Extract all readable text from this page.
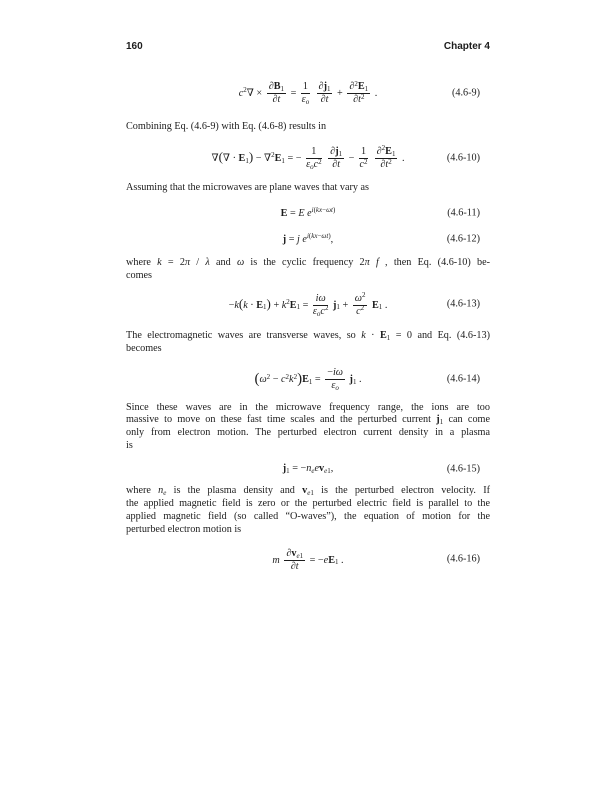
160	Chapter 4
$c^2\nabla \times \frac{\partial B_1}{\partial t} = \frac{1}{\varepsilon_o}$
$\frac{\partial j_1}{\partial t} + \frac{\partial^2E_1}{\partial t^2}$ .	(4.6-9)

Combining Eq. (4.6-9) with Eq. (4.6-8) results in

∇(∇ · $E_1) - \nabla^2E_1$ = − $\frac{1}{\varepsilon_oc^2}$
$\frac{\partial j_1}{\partial t} - \frac{1}{c^2}$
$\frac{\partial^2E_1}{\partial t^2}$ .	(4.6-10)

Assuming that the microwaves are plane waves that vary as

E = E $e^{i(kx-\omega t)}$	(4.6-11)
j = j $e^{i(kx-\omega t)}$,	(4.6-12)

where k = 2π / λ and ω is the cyclic frequency 2π f , then Eq. (4.6-10) be-
comes

$-k(k \cdot E_1) + k^2E_1 = \frac{i\omega}{\varepsilon_oc^2} j_1 + \frac{\omega^2}{c^2} E_1$ .	(4.6-13)

The electromagnetic waves are transverse waves, so $k \cdot E_1 = 0$ and Eq. (4.6-13)
becomes

$(\omega^2 - c^2k^2)E_1 = \frac{-i\omega}{\varepsilon_o} j_1$ .	(4.6-14)

Since these waves are in the microwave frequency range, the ions are too
massive to move on these fast time scales and the perturbed current $j_1$ can come
only from electron motion. The perturbed electron current density in a plasma
is

$j_1 = -n_eev_{e1}$,	(4.6-15)

where $n_e$ is the plasma density and $v_{e1}$ is the perturbed electron velocity. If
the applied magnetic field is zero or the perturbed electric field is parallel to the
applied magnetic field (so called “O-waves”), the equation of motion for the
perturbed electron motion is

m $\frac{\partial v_{e1}}{\partial t} = -eE_1$ .	(4.6-16)
